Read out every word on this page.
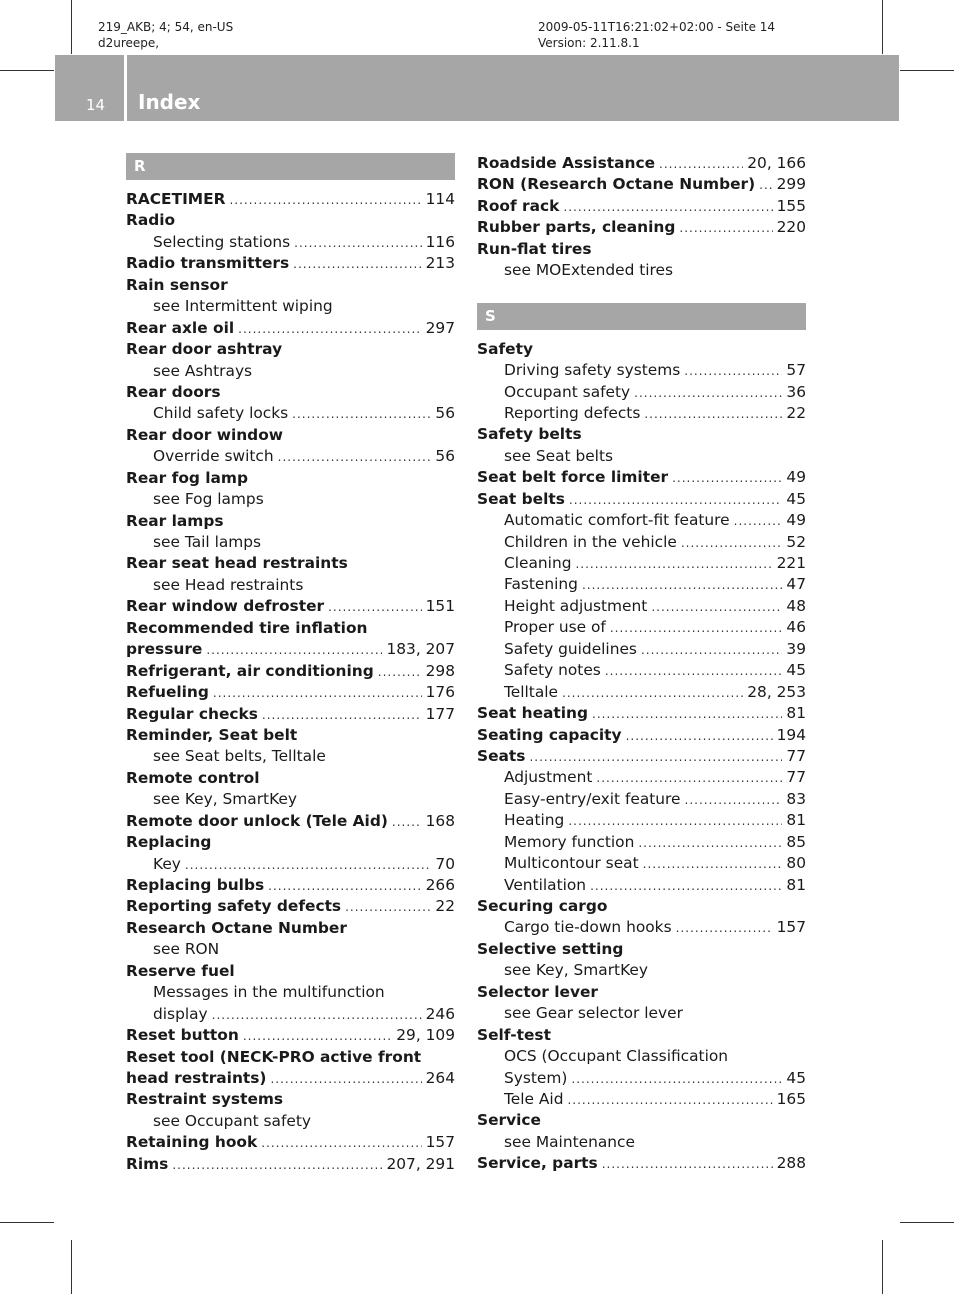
219_AKB; 4; 54, en-US
d2ureepe,
2009-05-11T16:21:02+02:00 - Seite 14
Version: 2.11.8.1
14 Index
R
RACETIMER .....	114
Radio
Selecting stations .....	116
Radio transmitters .....	213
Rain sensor
see Intermittent wiping
Rear axle oil .....	297
Rear door ashtray
see Ashtrays
Rear doors
Child safety locks .....	56
Rear door window
Override switch .....	56
Rear fog lamp
see Fog lamps
Rear lamps
see Tail lamps
Rear seat head restraints
see Head restraints
Rear window defroster .....	151
Recommended tire inflation
pressure .....	183, 207
Refrigerant, air conditioning .....	298
Refueling .....	176
Regular checks .....	177
Reminder, Seat belt
see Seat belts, Telltale
Remote control
see Key, SmartKey
Remote door unlock (Tele Aid) ..... 168
Replacing
Key .....	70
Replacing bulbs .....	266
Reporting safety defects .....	22
Research Octane Number
see RON
Reserve fuel
Messages in the multifunction
display .....	246
Reset button .....	29, 109
Reset tool (NECK-PRO active front
head restraints) .....	264
Restraint systems
see Occupant safety
Retaining hook .....	157
Rims .....	207, 291
Roadside Assistance .....	20, 166
RON (Research Octane Number) ..... 299
Roof rack .....	155
Rubber parts, cleaning .....	220
Run-flat tires
see MOExtended tires
S
Safety
Driving safety systems .....	57
Occupant safety .....	36
Reporting defects .....	22
Safety belts
see Seat belts
Seat belt force limiter .....	49
Seat belts .....	45
Automatic comfort-fit feature .....	49
Children in the vehicle .....	52
Cleaning .....	221
Fastening .....	47
Height adjustment .....	48
Proper use of .....	46
Safety guidelines .....	39
Safety notes .....	45
Telltale .....	28, 253
Seat heating .....	81
Seating capacity .....	194
Seats .....	77
Adjustment .....	77
Easy-entry/exit feature .....	83
Heating .....	81
Memory function .....	85
Multicontour seat .....	80
Ventilation .....	81
Securing cargo
Cargo tie-down hooks .....	157
Selective setting
see Key, SmartKey
Selector lever
see Gear selector lever
Self-test
OCS (Occupant Classification
System) .....	45
Tele Aid .....	165
Service
see Maintenance
Service, parts .....	288
